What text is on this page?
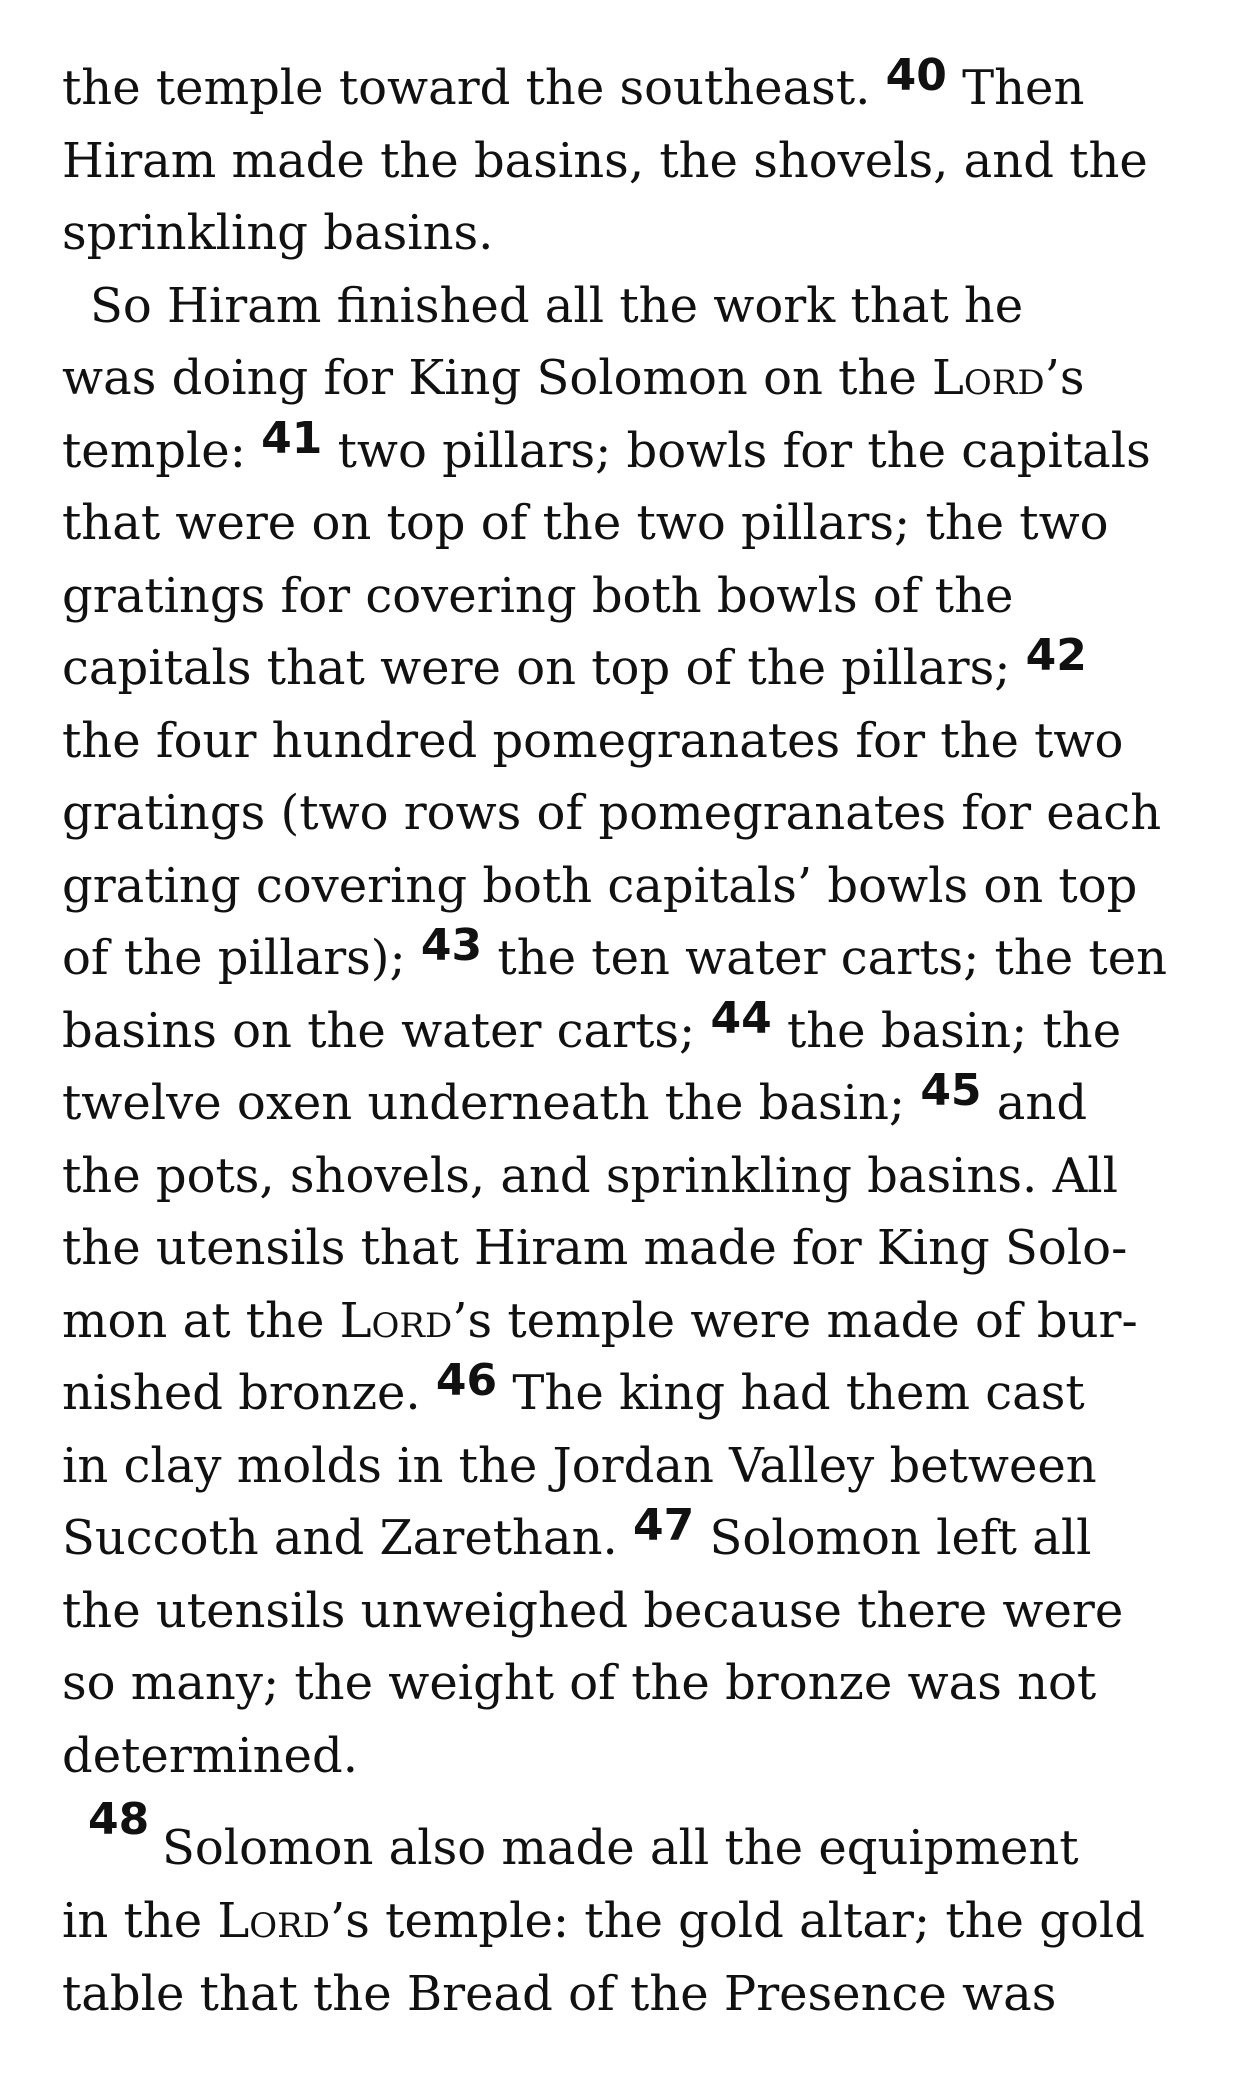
the temple toward the southeast. 40 Then
Hiram made the basins, the shovels, and the
sprinkling basins.
So Hiram finished all the work that he
was doing for King Solomon on the Lord’s
temple: 41 two pillars; bowls for the capitals
that were on top of the two pillars; the two
gratings for covering both bowls of the
capitals that were on top of the pillars; 42
the four hundred pomegranates for the two
gratings (two rows of pomegranates for each
grating covering both capitals’ bowls on top
of the pillars); 43 the ten water carts; the ten
basins on the water carts; 44 the basin; the
twelve oxen underneath the basin; 45 and
the pots, shovels, and sprinkling basins. All
the utensils that Hiram made for King Solo-
mon at the Lord’s temple were made of bur-
nished bronze. 46 The king had them cast
in clay molds in the Jordan Valley between
Succoth and Zarethan. 47 Solomon left all
the utensils unweighed because there were
so many; the weight of the bronze was not
determined.

48

Solomon also made all the equipment

in the Lord’s temple: the gold altar; the gold
table that the Bread of the Presence was
